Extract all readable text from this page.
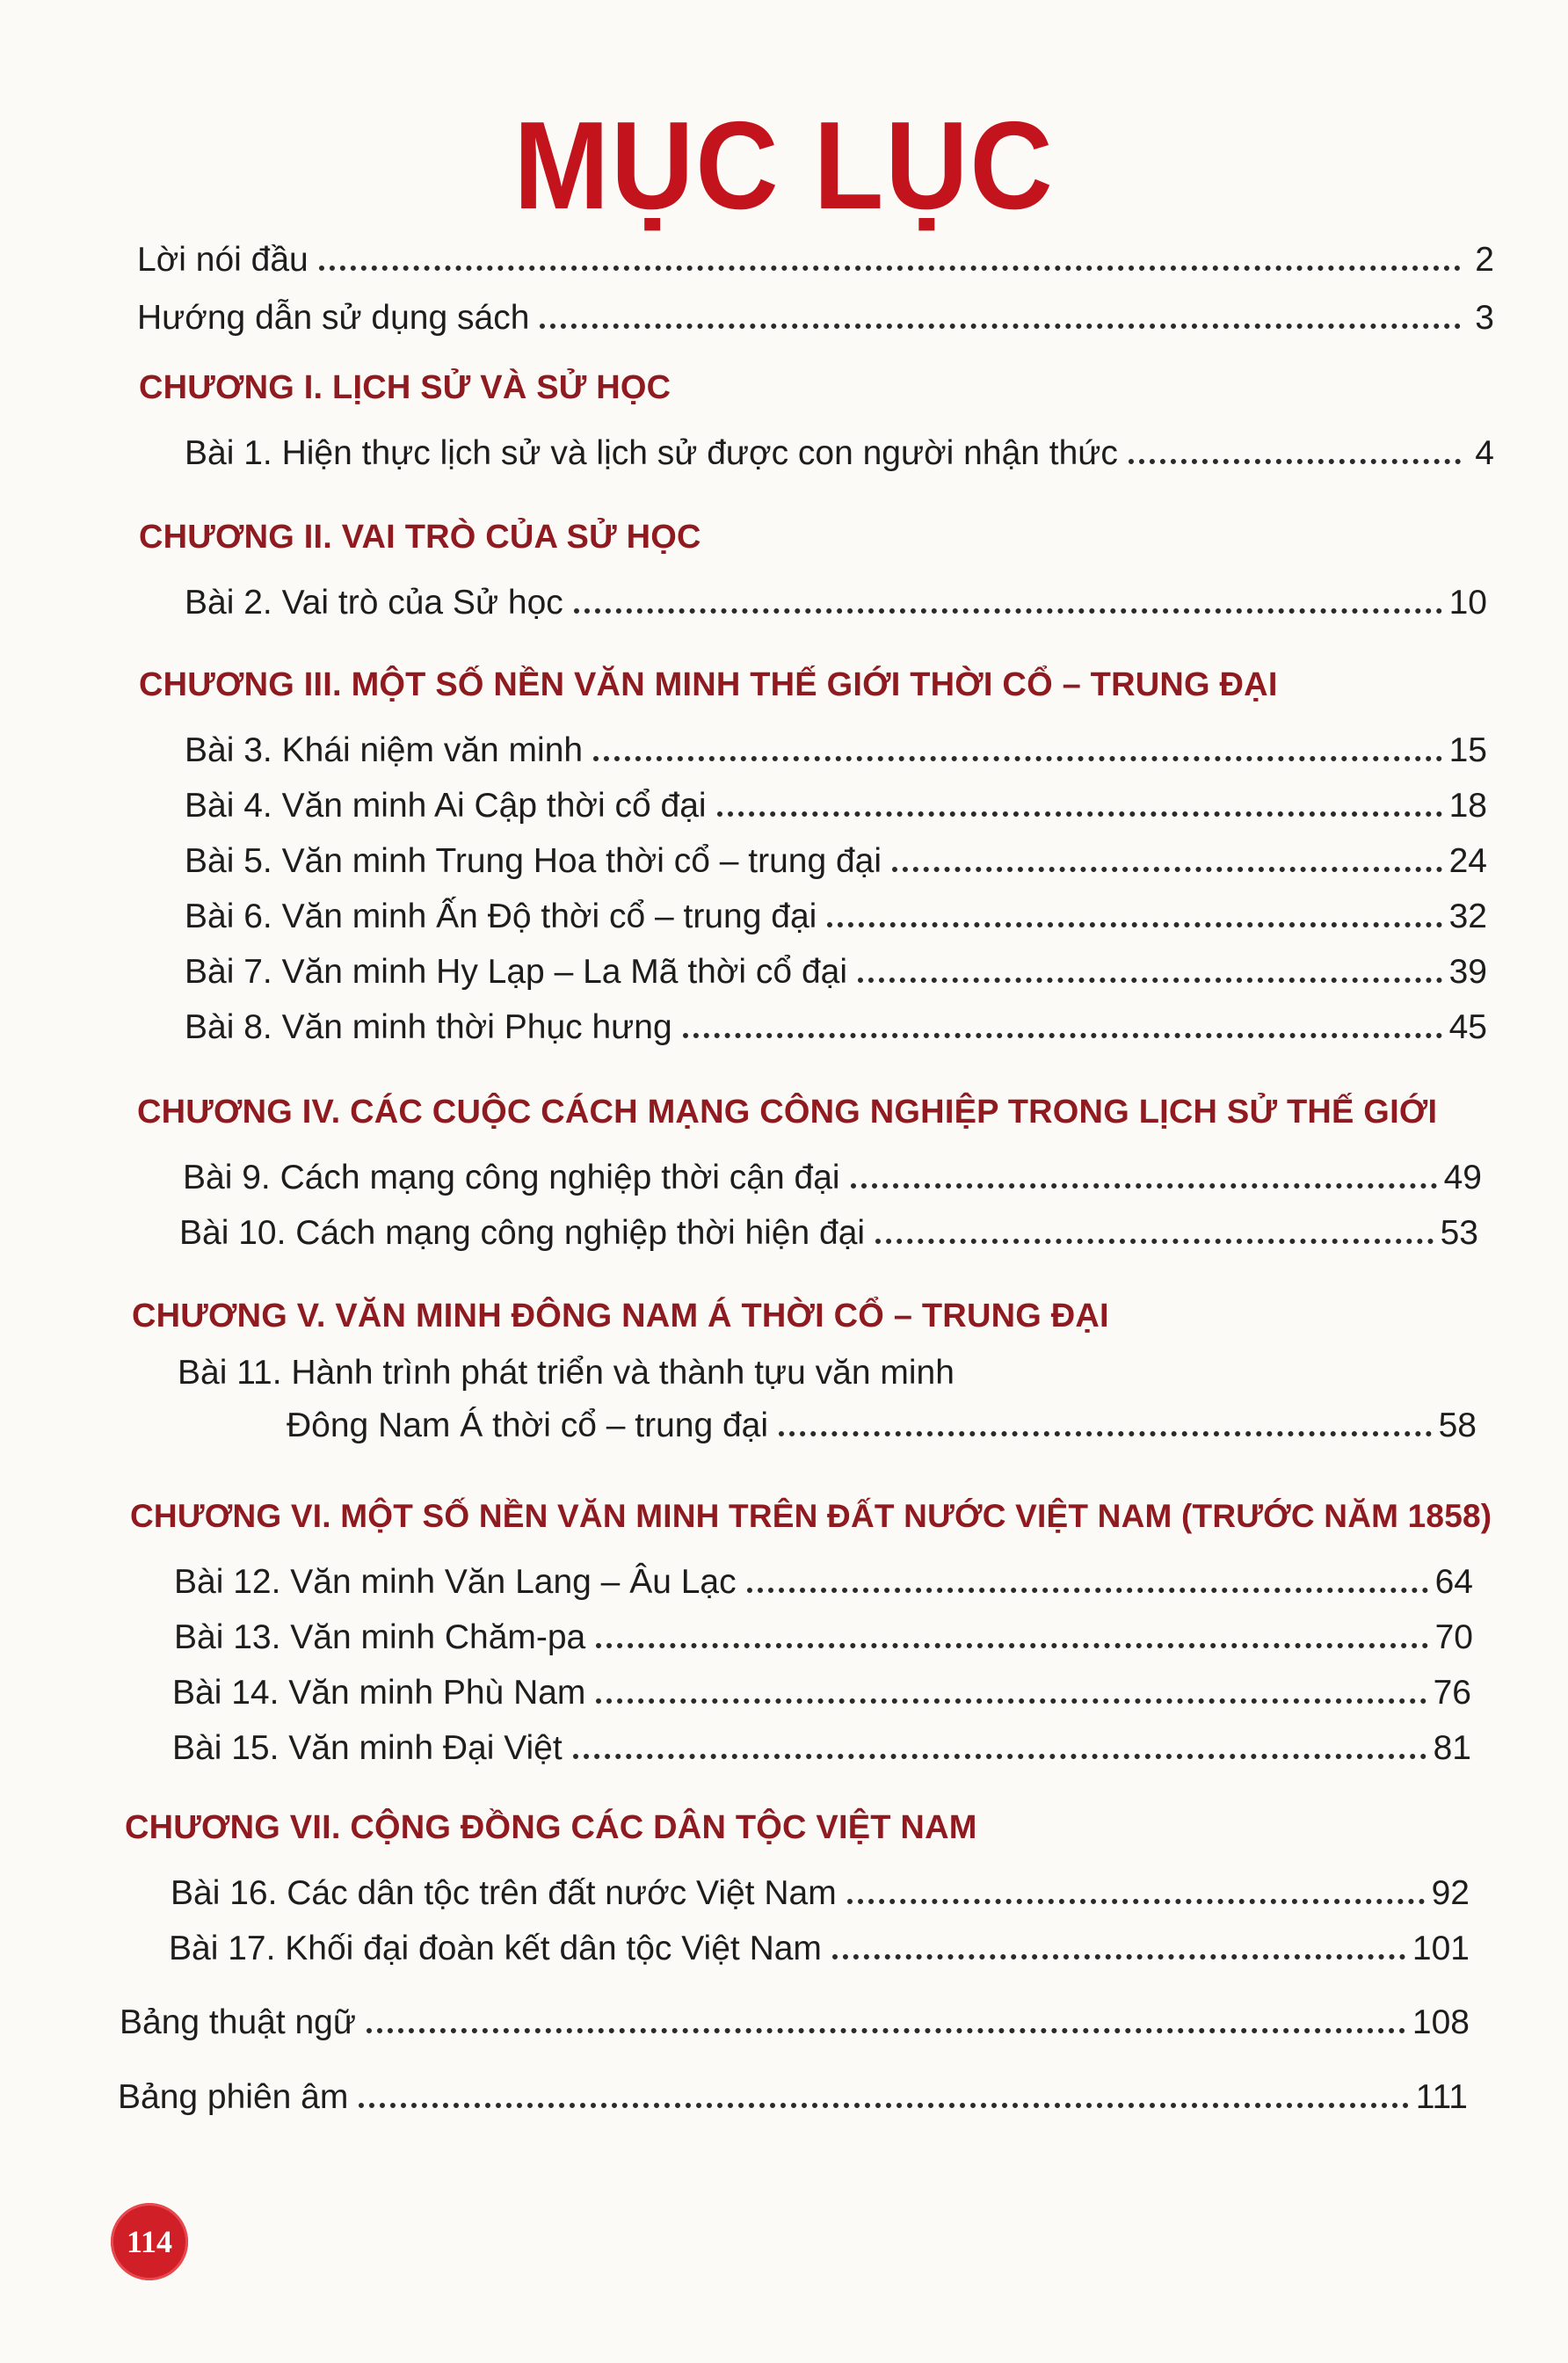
MỤC LỤC
Lời nói đầu	2
Hướng dẫn sử dụng sách	3
CHƯƠNG I. LỊCH SỬ VÀ SỬ HỌC
Bài 1. Hiện thực lịch sử và lịch sử được con người nhận thức	4
CHƯƠNG II. VAI TRÒ CỦA SỬ HỌC
Bài 2. Vai trò của Sử học	10
CHƯƠNG III. MỘT SỐ NỀN VĂN MINH THẾ GIỚI THỜI CỔ – TRUNG ĐẠI
Bài 3. Khái niệm văn minh	15
Bài 4. Văn minh Ai Cập thời cổ đại	18
Bài 5. Văn minh Trung Hoa thời cổ – trung đại	24
Bài 6. Văn minh Ấn Độ thời cổ – trung đại	32
Bài 7. Văn minh Hy Lạp – La Mã thời cổ đại	39
Bài 8. Văn minh thời Phục hưng	45
CHƯƠNG IV. CÁC CUỘC CÁCH MẠNG CÔNG NGHIỆP TRONG LỊCH SỬ THẾ GIỚI
Bài 9. Cách mạng công nghiệp thời cận đại	49
Bài 10. Cách mạng công nghiệp thời hiện đại	53
CHƯƠNG V. VĂN MINH ĐÔNG NAM Á THỜI CỔ – TRUNG ĐẠI
Bài 11. Hành trình phát triển và thành tựu văn minh
Đông Nam Á thời cổ – trung đại	58
CHƯƠNG VI. MỘT SỐ NỀN VĂN MINH TRÊN ĐẤT NƯỚC VIỆT NAM (TRƯỚC NĂM 1858)
Bài 12. Văn minh Văn Lang – Âu Lạc	64
Bài 13. Văn minh Chăm-pa	70
Bài 14. Văn minh Phù Nam	76
Bài 15. Văn minh Đại Việt	81
CHƯƠNG VII. CỘNG ĐỒNG CÁC DÂN TỘC VIỆT NAM
Bài 16. Các dân tộc trên đất nước Việt Nam	92
Bài 17. Khối đại đoàn kết dân tộc Việt Nam	101
Bảng thuật ngữ	108
Bảng phiên âm	111
114
